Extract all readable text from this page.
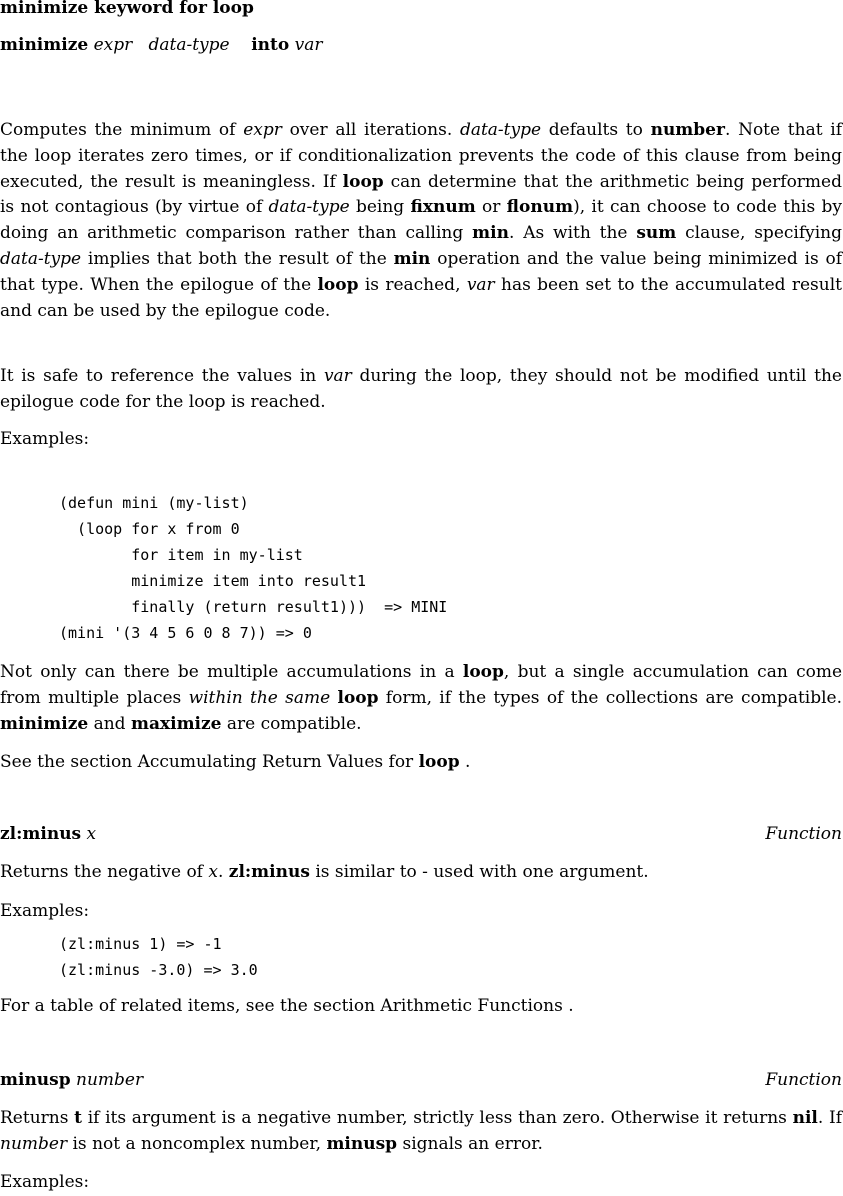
minimize keyword for loop
minimize expr data-type into var

Computes the minimum of expr over all iterations. data-type defaults to number. Note that if the loop iterates zero times, or if conditionalization prevents the code of this clause from being executed, the result is meaningless. If loop can determine that the arithmetic being performed is not contagious (by virtue of data-type being fixnum or flonum), it can choose to code this by doing an arithmetic comparison rather than calling min. As with the sum clause, specifying data-type implies that both the result of the min operation and the value being minimized is of that type. When the epilogue of the loop is reached, var has been set to the accumulated result and can be used by the epilogue code.

It is safe to reference the values in var during the loop, they should not be modified until the epilogue code for the loop is reached.

Examples:
(defun mini (my-list)
(loop for x from 0
for item in my-list
minimize item into result1
finally (return result1)))  => MINI
(mini '(3 4 5 6 0 8 7)) => 0

Not only can there be multiple accumulations in a loop, but a single accumulation can come from multiple places within the same loop form, if the types of the collections are compatible. minimize and maximize are compatible.

See the section Accumulating Return Values for loop .
zl:minus x	Function
Returns the negative of x. zl:minus is similar to - used with one argument.
Examples:
(zl:minus 1) => -1
(zl:minus -3.0) => 3.0
For a table of related items, see the section Arithmetic Functions .
minusp number	Function

Returns t if its argument is a negative number, strictly less than zero. Otherwise it returns nil. If number is not a noncomplex number, minusp signals an error.

Examples:
